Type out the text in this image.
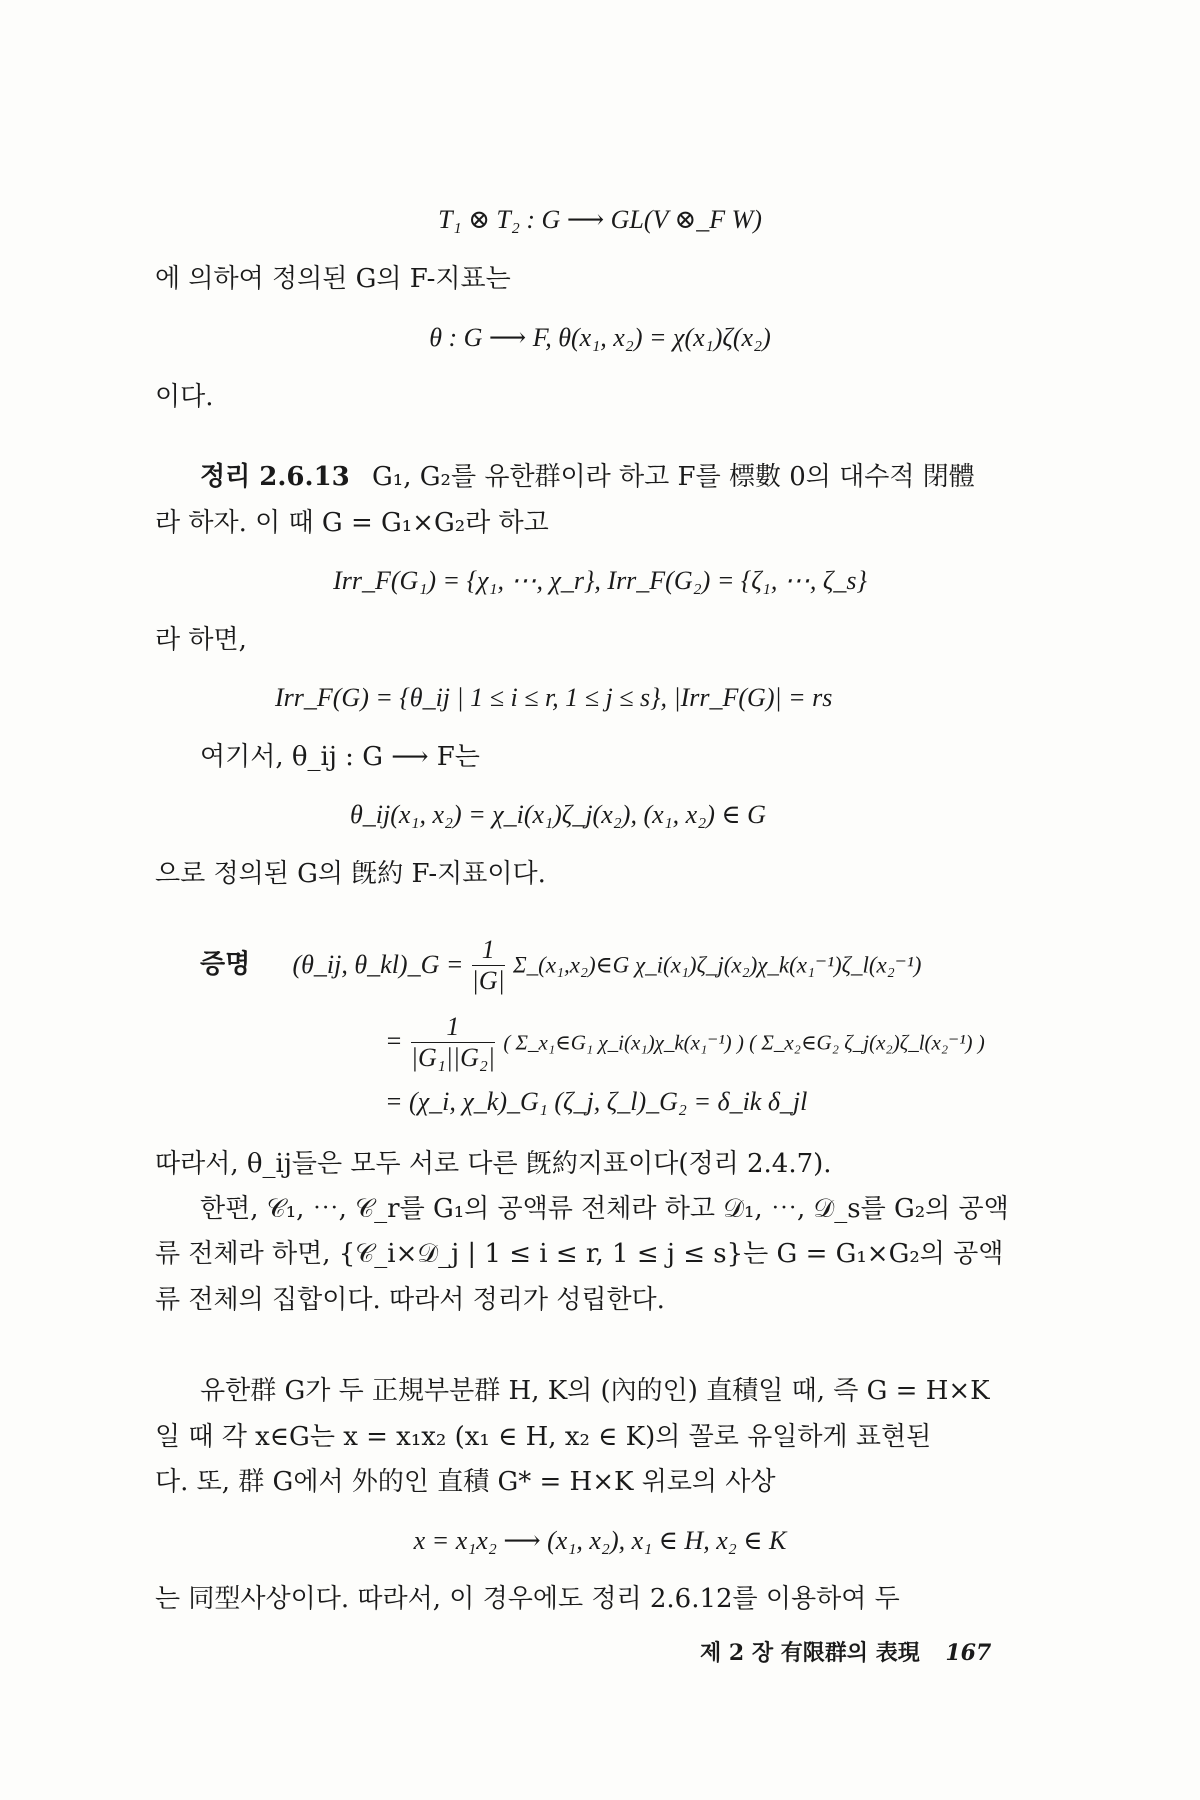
T₁ ⊗ T₂ : G ⟶ GL(V ⊗_F W)
에 의하여 정의된 G의 F-지표는
θ : G ⟶ F, θ(x₁, x₂) = χ(x₁)ζ(x₂)
이다.
정리 2.6.13 G₁, G₂를 유한群이라 하고 F를 標數 0의 대수적 閉體
라 하자. 이 때 G = G₁×G₂라 하고
Irr_F(G₁) = {χ₁, ⋯, χ_r}, Irr_F(G₂) = {ζ₁, ⋯, ζ_s}
라 하면,
Irr_F(G) = {θ_ij | 1 ≤ i ≤ r, 1 ≤ j ≤ s}, |Irr_F(G)| = rs
여기서, θ_ij : G ⟶ F는
θ_ij(x₁, x₂) = χ_i(x₁)ζ_j(x₂), (x₁, x₂) ∈ G
으로 정의된 G의 旣約 F-지표이다.
증명 (θ_ij, θ_kl)_G = $\frac{1}{|G|}$ Σ_(x₁,x₂)∈G χ_i(x₁)ζ_j(x₂)χ_k(x₁⁻¹)ζ_l(x₂⁻¹)
= $\frac{1}{\text{|G₁||G₂|}}$ ( Σ_x₁∈G₁ χ_i(x₁)χ_k(x₁⁻¹) ) ( Σ_x₂∈G₂ ζ_j(x₂)ζ_l(x₂⁻¹) )
= (χ_i, χ_k)_G₁ (ζ_j, ζ_l)_G₂ = δ_ik δ_jl
따라서, θ_ij들은 모두 서로 다른 旣約지표이다(정리 2.4.7).
한편, 𝒞₁, ⋯, 𝒞_r를 G₁의 공액류 전체라 하고 𝒟₁, ⋯, 𝒟_s를 G₂의 공액
류 전체라 하면, {𝒞_i×𝒟_j | 1 ≤ i ≤ r, 1 ≤ j ≤ s}는 G = G₁×G₂의 공액
류 전체의 집합이다. 따라서 정리가 성립한다.
유한群 G가 두 正規부분群 H, K의 (內的인) 直積일 때, 즉 G = H×K
일 때 각 x∈G는 x = x₁x₂ (x₁ ∈ H, x₂ ∈ K)의 꼴로 유일하게 표현된
다. 또, 群 G에서 外的인 直積 G* = H×K 위로의 사상
x = x₁x₂ ⟶ (x₁, x₂), x₁ ∈ H, x₂ ∈ K
는 同型사상이다. 따라서, 이 경우에도 정리 2.6.12를 이용하여 두
제 2 장 有限群의 表現 167
